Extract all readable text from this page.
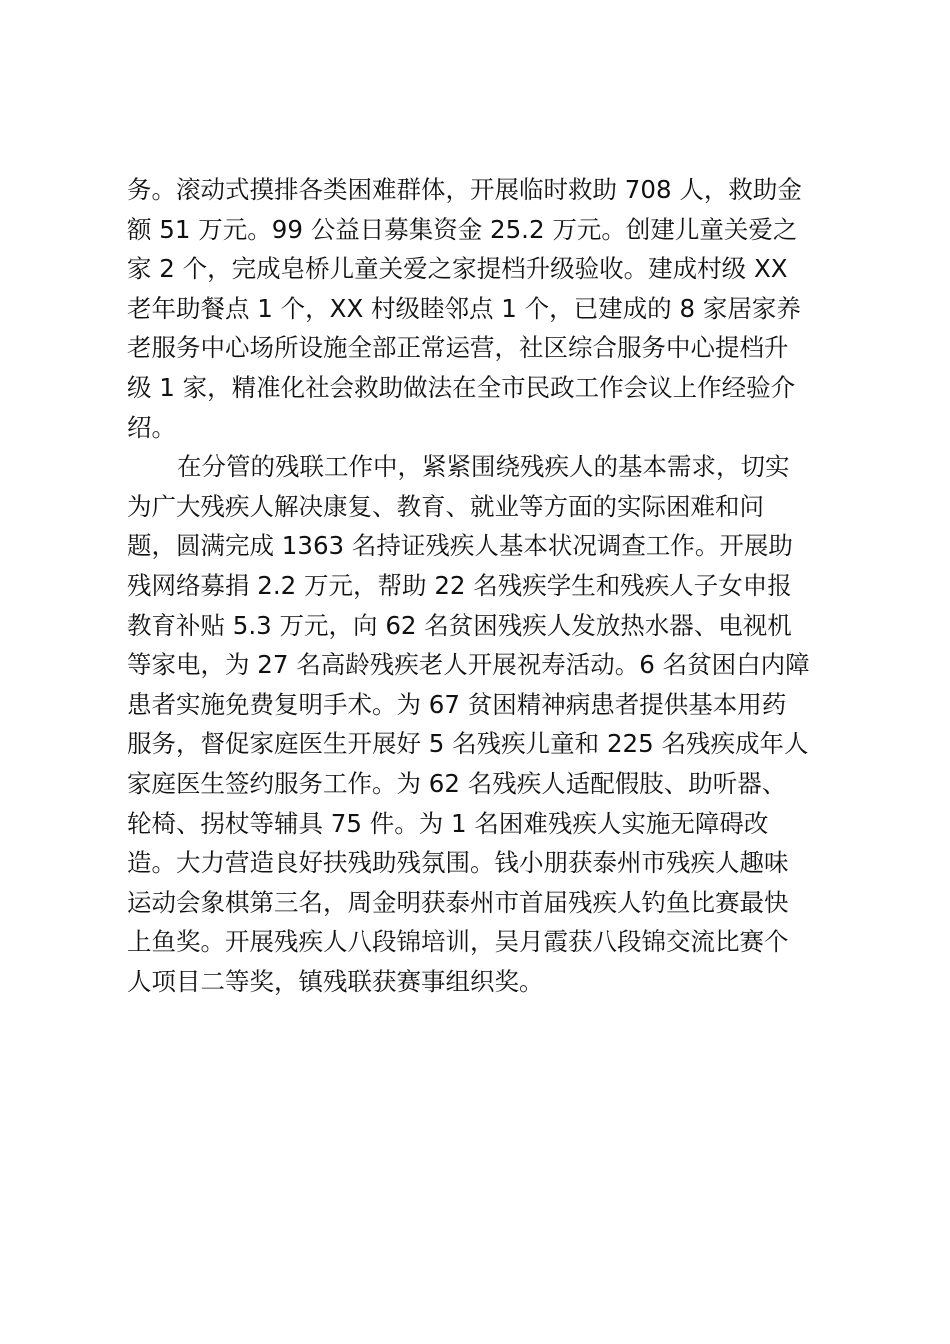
务。滚动式摸排各类困难群体，开展临时救助 708 人，救助金
额 51 万元。99 公益日募集资金 25.2 万元。创建儿童关爱之
家 2 个，完成皂桥儿童关爱之家提档升级验收。建成村级 XX
老年助餐点 1 个，XX 村级睦邻点 1 个，已建成的 8 家居家养
老服务中心场所设施全部正常运营，社区综合服务中心提档升
级 1 家，精准化社会救助做法在全市民政工作会议上作经验介
绍。
在分管的残联工作中，紧紧围绕残疾人的基本需求，切实
为广大残疾人解决康复、教育、就业等方面的实际困难和问
题，圆满完成 1363 名持证残疾人基本状况调查工作。开展助
残网络募捐 2.2 万元，帮助 22 名残疾学生和残疾人子女申报
教育补贴 5.3 万元，向 62 名贫困残疾人发放热水器、电视机
等家电，为 27 名高龄残疾老人开展祝寿活动。6 名贫困白内障
患者实施免费复明手术。为 67 贫困精神病患者提供基本用药
服务，督促家庭医生开展好 5 名残疾儿童和 225 名残疾成年人
家庭医生签约服务工作。为 62 名残疾人适配假肢、助听器、
轮椅、拐杖等辅具 75 件。为 1 名困难残疾人实施无障碍改
造。大力营造良好扶残助残氛围。钱小朋获泰州市残疾人趣味
运动会象棋第三名，周金明获泰州市首届残疾人钓鱼比赛最快
上鱼奖。开展残疾人八段锦培训，吴月霞获八段锦交流比赛个
人项目二等奖，镇残联获赛事组织奖。
